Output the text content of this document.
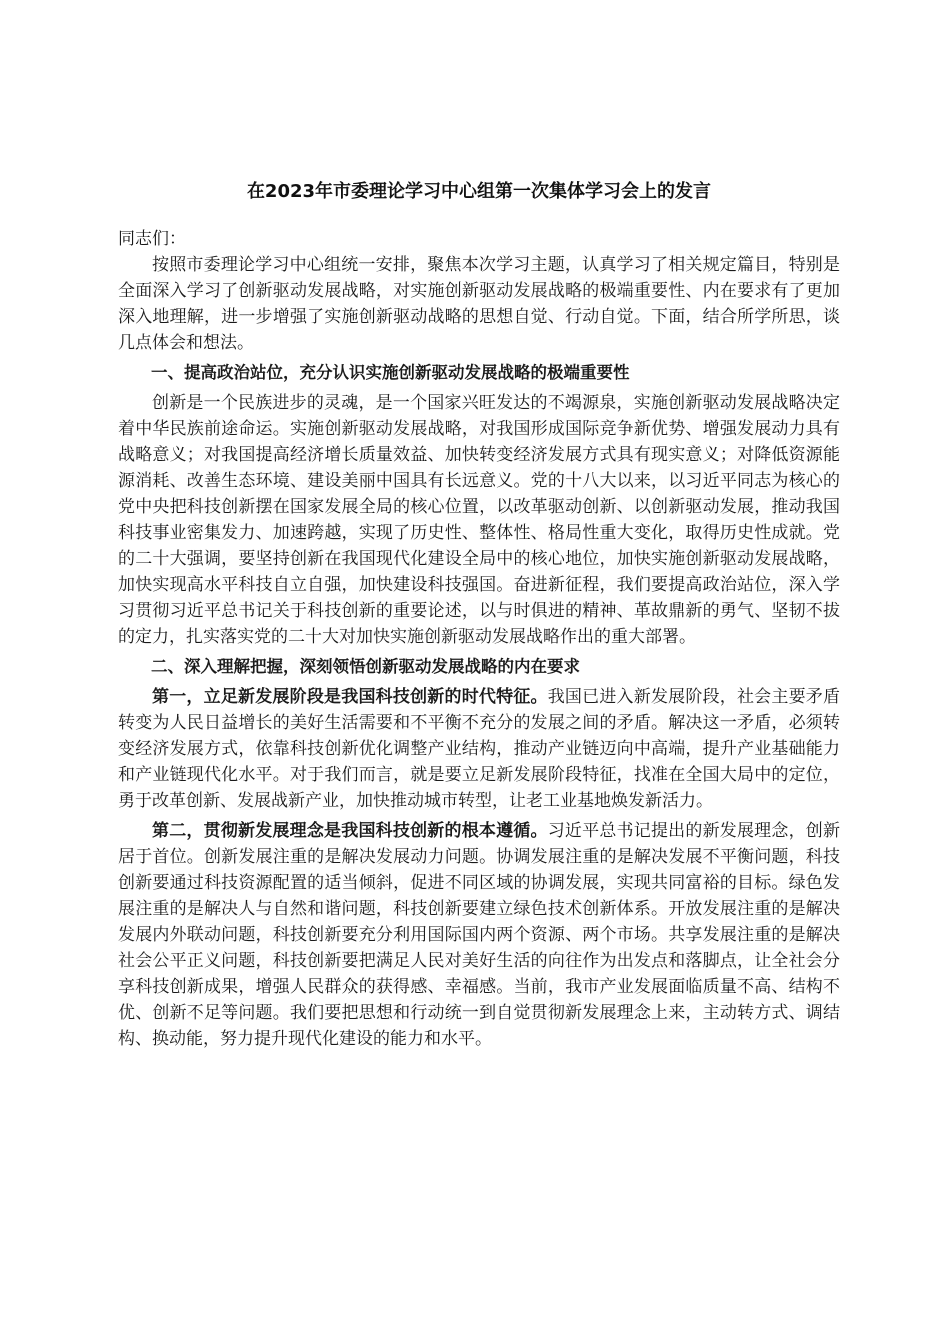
在2023年市委理论学习中心组第一次集体学习会上的发言

同志们：

按照市委理论学习中心组统一安排，聚焦本次学习主题，认真学习了相关规定篇目，特别是全面深入学习了创新驱动发展战略，对实施创新驱动发展战略的极端重要性、内在要求有了更加深入地理解，进一步增强了实施创新驱动战略的思想自觉、行动自觉。下面，结合所学所思，谈几点体会和想法。

一、提高政治站位，充分认识实施创新驱动发展战略的极端重要性

创新是一个民族进步的灵魂，是一个国家兴旺发达的不竭源泉，实施创新驱动发展战略决定着中华民族前途命运。实施创新驱动发展战略，对我国形成国际竞争新优势、增强发展动力具有战略意义；对我国提高经济增长质量效益、加快转变经济发展方式具有现实意义；对降低资源能源消耗、改善生态环境、建设美丽中国具有长远意义。党的十八大以来，以习近平同志为核心的党中央把科技创新摆在国家发展全局的核心位置，以改革驱动创新、以创新驱动发展，推动我国科技事业密集发力、加速跨越，实现了历史性、整体性、格局性重大变化，取得历史性成就。党的二十大强调，要坚持创新在我国现代化建设全局中的核心地位，加快实施创新驱动发展战略，加快实现高水平科技自立自强，加快建设科技强国。奋进新征程，我们要提高政治站位，深入学习贯彻习近平总书记关于科技创新的重要论述，以与时俱进的精神、革故鼎新的勇气、坚韧不拔的定力，扎实落实党的二十大对加快实施创新驱动发展战略作出的重大部署。

二、深入理解把握，深刻领悟创新驱动发展战略的内在要求

第一，立足新发展阶段是我国科技创新的时代特征。我国已进入新发展阶段，社会主要矛盾转变为人民日益增长的美好生活需要和不平衡不充分的发展之间的矛盾。解决这一矛盾，必须转变经济发展方式，依靠科技创新优化调整产业结构，推动产业链迈向中高端，提升产业基础能力和产业链现代化水平。对于我们而言，就是要立足新发展阶段特征，找准在全国大局中的定位，勇于改革创新、发展战新产业，加快推动城市转型，让老工业基地焕发新活力。

第二，贯彻新发展理念是我国科技创新的根本遵循。习近平总书记提出的新发展理念，创新居于首位。创新发展注重的是解决发展动力问题。协调发展注重的是解决发展不平衡问题，科技创新要通过科技资源配置的适当倾斜，促进不同区域的协调发展，实现共同富裕的目标。绿色发展注重的是解决人与自然和谐问题，科技创新要建立绿色技术创新体系。开放发展注重的是解决发展内外联动问题，科技创新要充分利用国际国内两个资源、两个市场。共享发展注重的是解决社会公平正义问题，科技创新要把满足人民对美好生活的向往作为出发点和落脚点，让全社会分享科技创新成果，增强人民群众的获得感、幸福感。当前，我市产业发展面临质量不高、结构不优、创新不足等问题。我们要把思想和行动统一到自觉贯彻新发展理念上来，主动转方式、调结构、换动能，努力提升现代化建设的能力和水平。
